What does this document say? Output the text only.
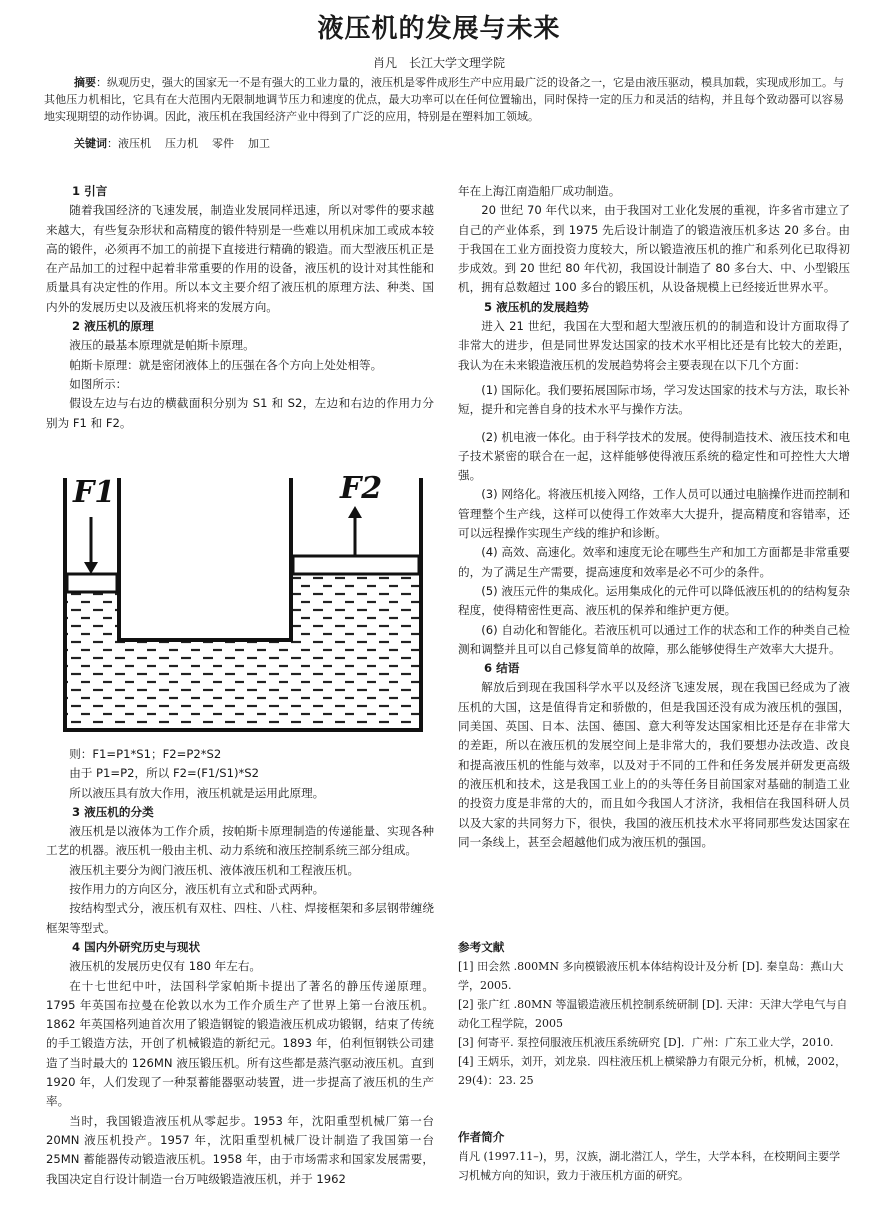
液压机的发展与未来
肖凡　长江大学文理学院
摘要：纵观历史，强大的国家无一不是有强大的工业力量的，液压机是零件成形生产中应用最广泛的设备之一，它是由液压驱动，模具加载，实现成形加工。与其他压力机相比，它具有在大范围内无限制地调节压力和速度的优点，最大功率可以在任何位置输出，同时保持一定的压力和灵活的结构，并且每个致动器可以容易地实现期望的动作协调。因此，液压机在我国经济产业中得到了广泛的应用，特别是在塑料加工领域。
关键词：液压机 压力机 零件 加工
1 引言

随着我国经济的飞速发展，制造业发展同样迅速，所以对零件的要求越来越大，有些复杂形状和高精度的锻件特别是一些难以用机床加工或成本较高的锻件，必须再不加工的前提下直接进行精确的锻造。而大型液压机正是在产品加工的过程中起着非常重要的作用的设备，液压机的设计对其性能和质量具有决定性的作用。所以本文主要介绍了液压机的原理方法、种类、国内外的发展历史以及液压机将来的发展方向。

2 液压机的原理

液压的最基本原理就是帕斯卡原理。

帕斯卡原理：就是密闭液体上的压强在各个方向上处处相等。

如图所示：

假设左边与右边的横截面积分别为 S1 和 S2，左边和右边的作用力分别为 F1 和 F2。

F1	F2

则：F1=P1*S1；F2=P2*S2

由于 P1=P2，所以 F2=(F1/S1)*S2

所以液压具有放大作用，液压机就是运用此原理。

3 液压机的分类

液压机是以液体为工作介质，按帕斯卡原理制造的传递能量、实现各种工艺的机器。液压机一般由主机、动力系统和液压控制系统三部分组成。

液压机主要分为阀门液压机、液体液压机和工程液压机。

按作用力的方向区分，液压机有立式和卧式两种。

按结构型式分，液压机有双柱、四柱、八柱、焊接框架和多层钢带缠绕框架等型式。

4 国内外研究历史与现状

液压机的发展历史仅有 180 年左右。

在十七世纪中叶，法国科学家帕斯卡提出了著名的静压传递原理。1795 年英国布拉曼在伦敦以水为工作介质生产了世界上第一台液压机。1862 年英国格列迪首次用了锻造钢锭的锻造液压机成功锻钢，结束了传统的手工锻造方法，开创了机械锻造的新纪元。1893 年，伯利恒钢铁公司建造了当时最大的 126MN 液压锻压机。所有这些都是蒸汽驱动液压机。直到 1920 年，人们发现了一种泵蓄能器驱动装置，进一步提高了液压机的生产率。

当时，我国锻造液压机从零起步。1953 年，沈阳重型机械厂第一台 20MN 液压机投产。1957 年，沈阳重型机械厂设计制造了我国第一台 25MN 蓄能器传动锻造液压机。1958 年，由于市场需求和国家发展需要，我国决定自行设计制造一台万吨级锻造液压机，并于 1962

年在上海江南造船厂成功制造。

20 世纪 70 年代以来，由于我国对工业化发展的重视，许多省市建立了自己的产业体系，到 1975 先后设计制造了的锻造液压机多达 20 多台。由于我国在工业方面投资力度较大，所以锻造液压机的推广和系列化已取得初步成效。到 20 世纪 80 年代初，我国设计制造了 80 多台大、中、小型锻压机，拥有总数超过 100 多台的锻压机，从设备规模上已经接近世界水平。

5 液压机的发展趋势

进入 21 世纪，我国在大型和超大型液压机的的制造和设计方面取得了非常大的进步，但是同世界发达国家的技术水平相比还是有比较大的差距，我认为在未来锻造液压机的发展趋势将会主要表现在以下几个方面：

(1) 国际化。我们要拓展国际市场，学习发达国家的技术与方法，取长补短，提升和完善自身的技术水平与操作方法。

(2) 机电液一体化。由于科学技术的发展。使得制造技术、液压技术和电子技术紧密的联合在一起，这样能够使得液压系统的稳定性和可控性大大增强。

(3) 网络化。将液压机接入网络，工作人员可以通过电脑操作进而控制和管理整个生产线，这样可以使得工作效率大大提升，提高精度和容错率，还可以远程操作实现生产线的维护和诊断。

(4) 高效、高速化。效率和速度无论在哪些生产和加工方面都是非常重要的，为了满足生产需要，提高速度和效率是必不可少的条件。

(5) 液压元件的集成化。运用集成化的元件可以降低液压机的的结构复杂程度，使得精密性更高、液压机的保养和维护更方便。

(6) 自动化和智能化。若液压机可以通过工作的状态和工作的种类自己检测和调整并且可以自己修复简单的故障，那么能够使得生产效率大大提升。

6 结语

解放后到现在我国科学水平以及经济飞速发展，现在我国已经成为了液压机的大国，这是值得肯定和骄傲的，但是我国还没有成为液压机的强国，同美国、英国、日本、法国、德国、意大利等发达国家相比还是存在非常大的差距，所以在液压机的发展空间上是非常大的，我们要想办法改造、改良和提高液压机的性能与效率，以及对于不同的工件和任务发展并研发更高级的液压机和技术，这是我国工业上的的头等任务目前国家对基础的制造工业的投资力度是非常的大的，而且如今我国人才济济，我相信在我国科研人员以及大家的共同努力下，很快，我国的液压机技术水平将同那些发达国家在同一条线上，甚至会超越他们成为液压机的强国。

参考文献

[1] 田会然 .800MN 多向模锻液压机本体结构设计及分析 [D]. 秦皇岛：燕山大学，2005.

[2] 张广红 .80MN 等温锻造液压机控制系统研制 [D]. 天津：天津大学电气与自动化工程学院，2005

[3] 何寄平. 泵控伺服液压机液压系统研究 [D]．广州：广东工业大学，2010.

[4] 王炳乐，刘开，刘龙泉．四柱液压机上横梁静力有限元分析，机械，2002，29(4)：23. 25

作者简介

肖凡 (1997.11–)，男，汉族，湖北潜江人，学生，大学本科，在校期间主要学习机械方向的知识，致力于液压机方面的研究。
